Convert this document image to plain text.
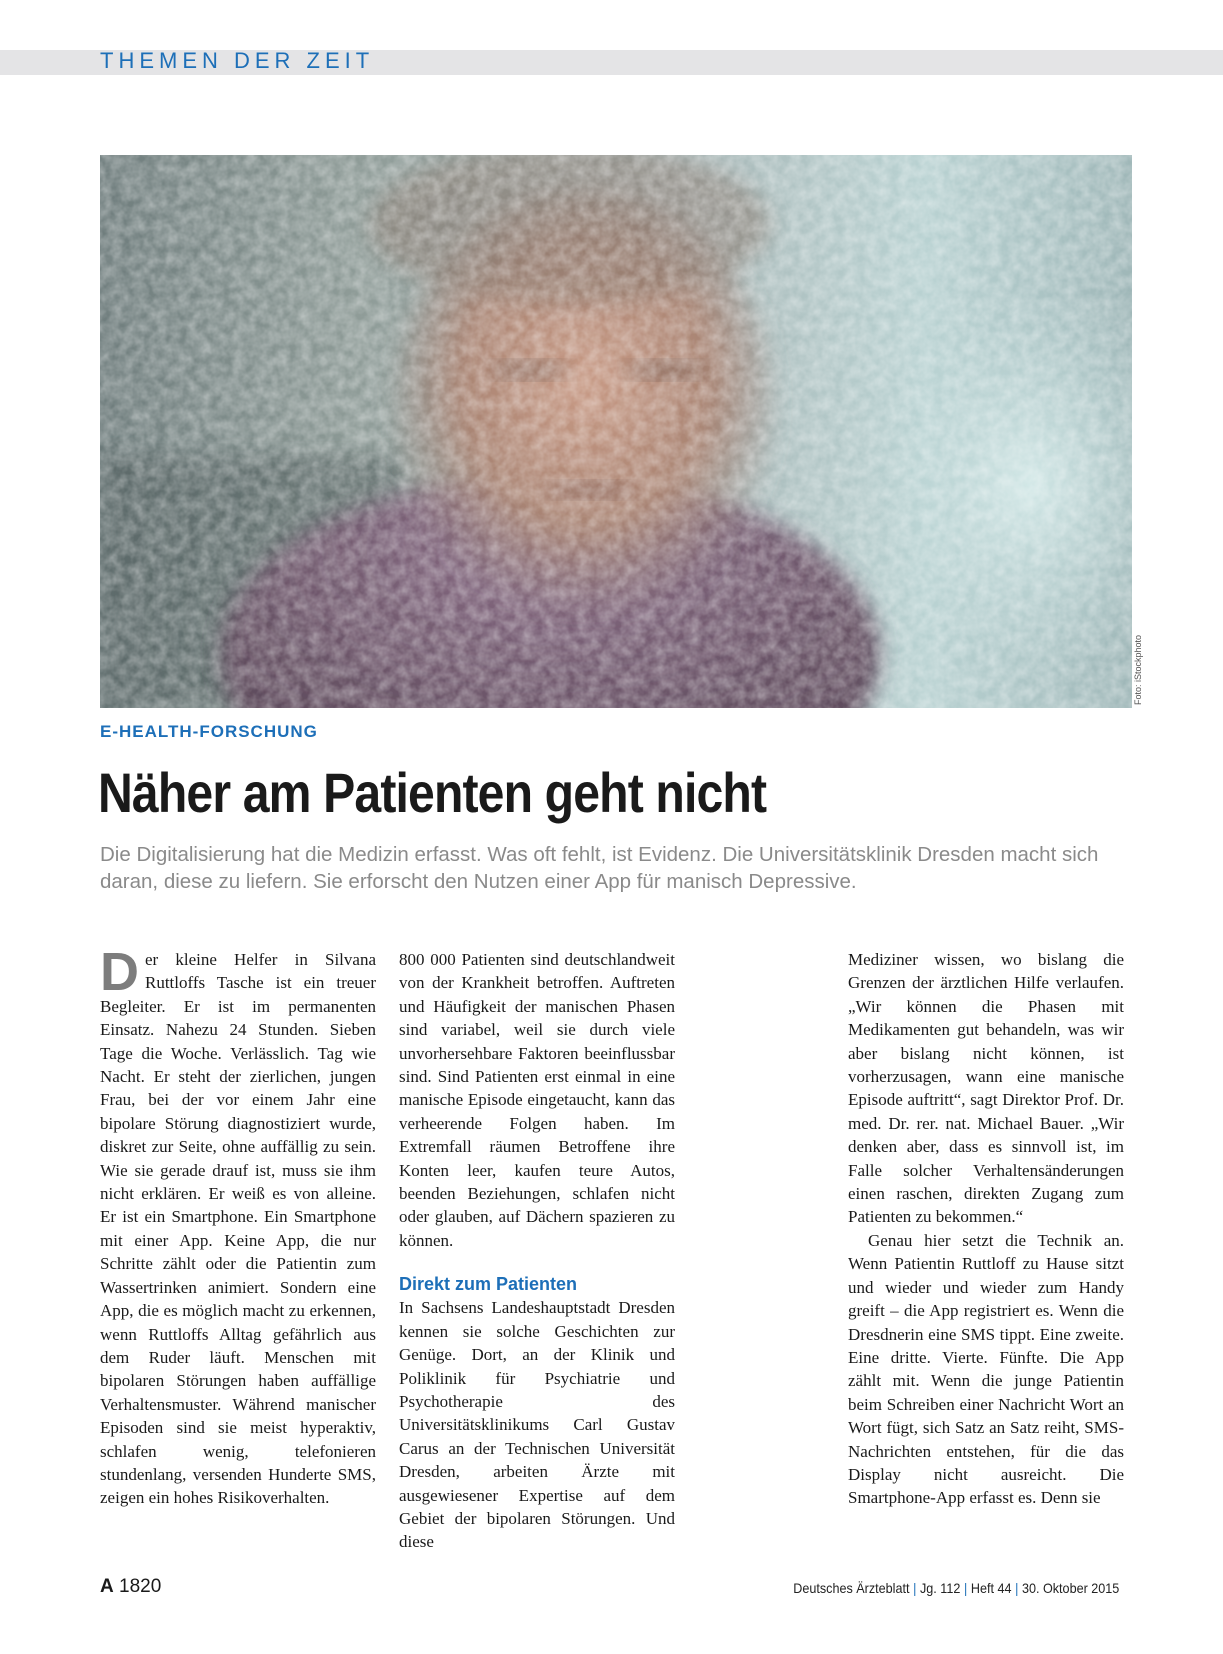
THEMEN DER ZEIT
Foto: iStockphoto
E-HEALTH-FORSCHUNG
Näher am Patienten geht nicht

Die Digitalisierung hat die Medizin erfasst. Was oft fehlt, ist Evidenz. Die Universitätsklinik Dresden macht sich daran, diese zu liefern. Sie erforscht den Nutzen einer App für manisch Depressive.

Der kleine Helfer in Silvana Ruttloffs Tasche ist ein treuer Begleiter. Er ist im permanenten Einsatz. Nahezu 24 Stunden. Sieben Tage die Woche. Verlässlich. Tag wie Nacht. Er steht der zierlichen, jungen Frau, bei der vor einem Jahr eine bipolare Störung diagnostiziert wurde, diskret zur Seite, ohne auffällig zu sein. Wie sie gerade drauf ist, muss sie ihm nicht erklären. Er weiß es von alleine. Er ist ein Smartphone. Ein Smartphone mit einer App. Keine App, die nur Schritte zählt oder die Patientin zum Wassertrinken animiert. Sondern eine App, die es möglich macht zu erkennen, wenn Ruttloffs Alltag gefährlich aus dem Ruder läuft. Menschen mit bipolaren Störungen haben auffällige Verhaltensmuster. Während manischer Episoden sind sie meist hyperaktiv, schlafen wenig, telefonieren stundenlang, versenden Hunderte SMS, zeigen ein hohes Risikoverhalten.

800 000 Patienten sind deutschlandweit von der Krankheit betroffen. Auftreten und Häufigkeit der manischen Phasen sind variabel, weil sie durch viele unvorhersehbare Faktoren beeinflussbar sind. Sind Patienten erst einmal in eine manische Episode eingetaucht, kann das verheerende Folgen haben. Im Extremfall räumen Betroffene ihre Konten leer, kaufen teure Autos, beenden Beziehungen, schlafen nicht oder glauben, auf Dächern spazieren zu können.

Direkt zum Patienten

In Sachsens Landeshauptstadt Dresden kennen sie solche Geschichten zur Genüge. Dort, an der Klinik und Poliklinik für Psychiatrie und Psychotherapie des Universitätsklinikums Carl Gustav Carus an der Technischen Universität Dresden, arbeiten Ärzte mit ausgewiesener Expertise auf dem Gebiet der bipolaren Störungen. Und diese

Mediziner wissen, wo bislang die Grenzen der ärztlichen Hilfe verlaufen. „Wir können die Phasen mit Medikamenten gut behandeln, was wir aber bislang nicht können, ist vorherzusagen, wann eine manische Episode auftritt“, sagt Direktor Prof. Dr. med. Dr. rer. nat. Michael Bauer. „Wir denken aber, dass es sinnvoll ist, im Falle solcher Verhaltensänderungen einen raschen, direkten Zugang zum Patienten zu bekommen.“

Genau hier setzt die Technik an. Wenn Patientin Ruttloff zu Hause sitzt und wieder und wieder zum Handy greift – die App registriert es. Wenn die Dresdnerin eine SMS tippt. Eine zweite. Eine dritte. Vierte. Fünfte. Die App zählt mit. Wenn die junge Patientin beim Schreiben einer Nachricht Wort an Wort fügt, sich Satz an Satz reiht, SMS-Nachrichten entstehen, für die das Display nicht ausreicht. Die Smartphone-App erfasst es. Denn sie

A 1820	Deutsches Ärzteblatt | Jg. 112 | Heft 44 | 30. Oktober 2015
